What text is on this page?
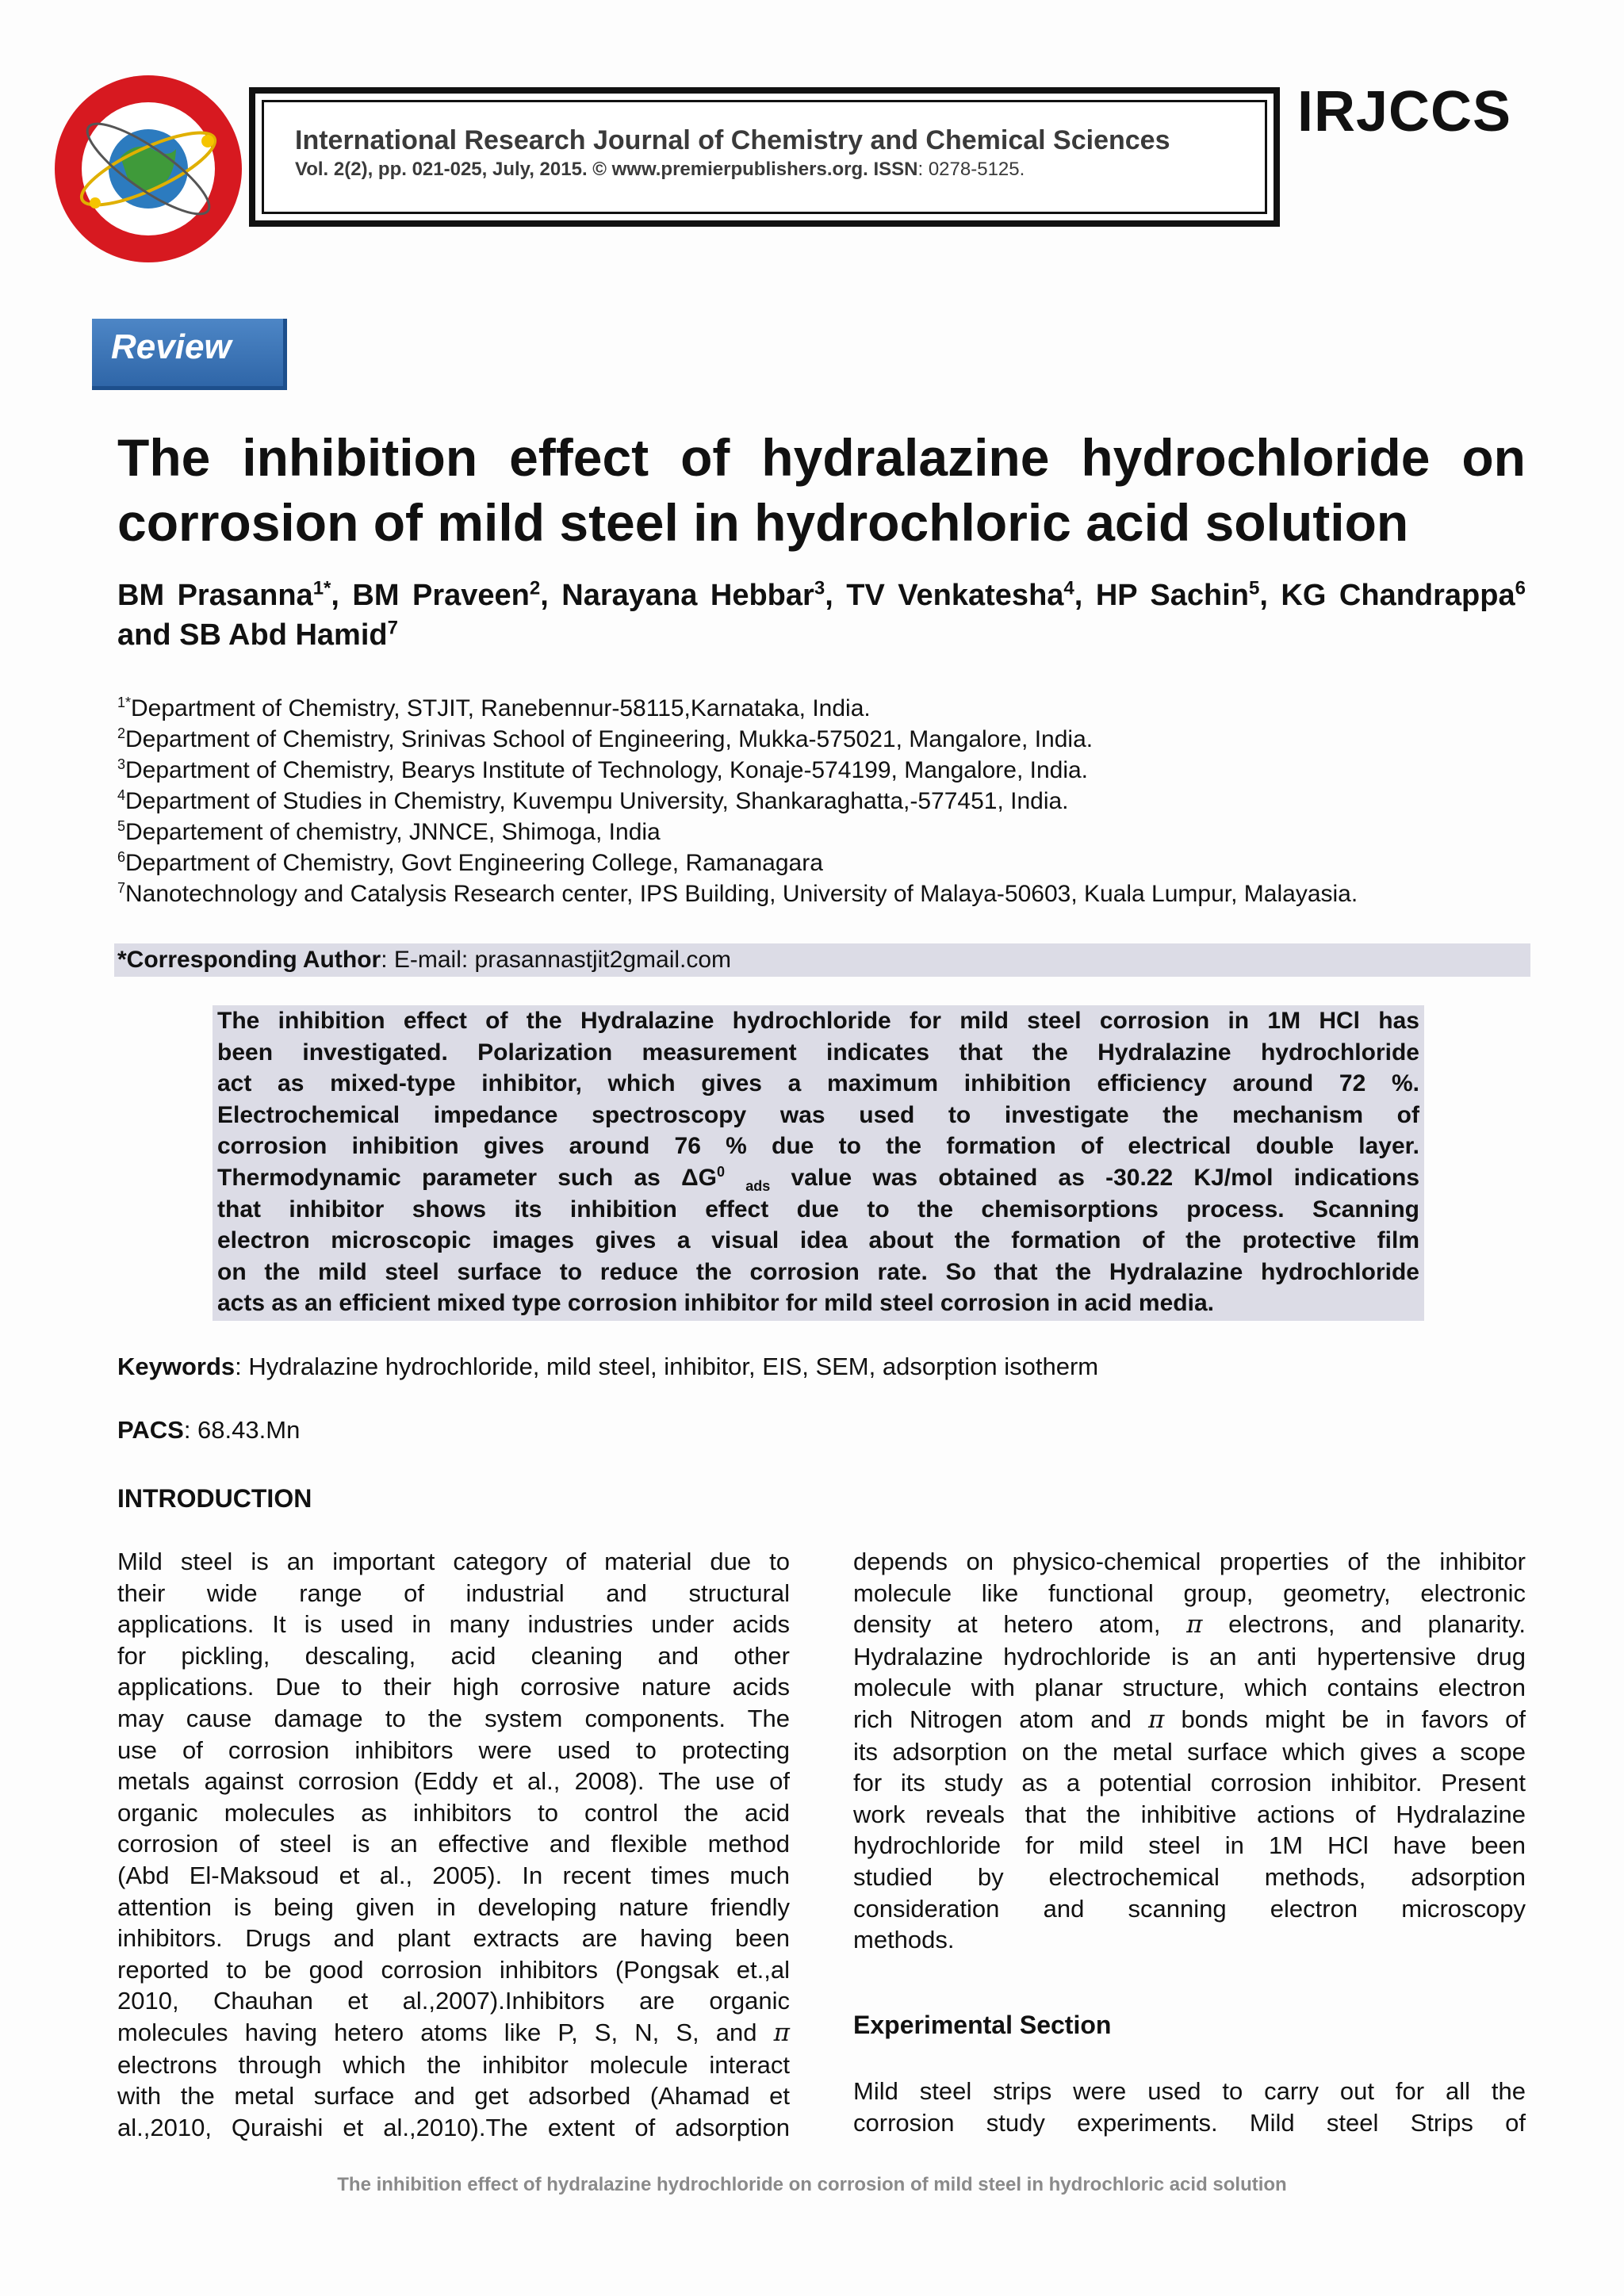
International Research Journal of Chemistry and Chemical Sciences
Vol. 2(2), pp. 021-025, July, 2015. © www.premierpublishers.org. ISSN: 0278-5125.
IRJCCS
Review
The inhibition effect of hydralazine hydrochloride on corrosion of mild steel in hydrochloric acid solution
BM Prasanna$^{1*}$, BM Praveen$^2$, Narayana Hebbar$^3$, TV Venkatesha$^4$, HP Sachin$^5$, KG Chandrappa$^6$ and SB Abd Hamid$^7$
$^{1*}$Department of Chemistry, STJIT, Ranebennur-58115,Karnataka, India.
$^2$Department of Chemistry, Srinivas School of Engineering, Mukka-575021, Mangalore, India.
$^3$Department of Chemistry, Bearys Institute of Technology, Konaje-574199, Mangalore, India.
$^4$Department of Studies in Chemistry, Kuvempu University, Shankaraghatta,-577451, India.
$^5$Departement of chemistry, JNNCE, Shimoga, India
$^6$Department of Chemistry, Govt Engineering College, Ramanagara
$^7$Nanotechnology and Catalysis Research center, IPS Building, University of Malaya-50603, Kuala Lumpur, Malayasia.
*Corresponding Author: E-mail: prasannastjit2gmail.com
The inhibition effect of the Hydralazine hydrochloride for mild steel corrosion in 1M HCl has
been investigated. Polarization measurement indicates that the Hydralazine hydrochloride
act as mixed-type inhibitor, which gives a maximum inhibition efficiency around 72 %.
Electrochemical impedance spectroscopy was used to investigate the mechanism of
corrosion inhibition gives around 76 % due to the formation of electrical double layer.
Thermodynamic parameter such as $\Delta G^0$ $_{ads}$ value was obtained as -30.22 KJ/mol indications
that inhibitor shows its inhibition effect due to the chemisorptions process. Scanning
electron microscopic images gives a visual idea about the formation of the protective film
on the mild steel surface to reduce the corrosion rate. So that the Hydralazine hydrochloride
acts as an efficient mixed type corrosion inhibitor for mild steel corrosion in acid media.
Keywords: Hydralazine hydrochloride, mild steel, inhibitor, EIS, SEM, adsorption isotherm
PACS: 68.43.Mn
INTRODUCTION
Mild steel is an important category of material due to
their wide range of industrial and structural
applications. It is used in many industries under acids
for pickling, descaling, acid cleaning and other
applications. Due to their high corrosive nature acids
may cause damage to the system components. The
use of corrosion inhibitors were used to protecting
metals against corrosion (Eddy et al., 2008). The use of
organic molecules as inhibitors to control the acid
corrosion of steel is an effective and flexible method
(Abd El-Maksoud et al., 2005). In recent times much
attention is being given in developing nature friendly
inhibitors. Drugs and plant extracts are having been
reported to be good corrosion inhibitors (Pongsak et.,al
2010, Chauhan et al.,2007).Inhibitors are organic
molecules having hetero atoms like P, S, N, S, and π
electrons through which the inhibitor molecule interact
with the metal surface and get adsorbed (Ahamad et
al.,2010, Quraishi et al.,2010).The extent of adsorption
depends on physico-chemical properties of the inhibitor
molecule like functional group, geometry, electronic
density at hetero atom, π electrons, and planarity.
Hydralazine hydrochloride is an anti hypertensive drug
molecule with planar structure, which contains electron
rich Nitrogen atom and π bonds might be in favors of
its adsorption on the metal surface which gives a scope
for its study as a potential corrosion inhibitor. Present
work reveals that the inhibitive actions of Hydralazine
hydrochloride for mild steel in 1M HCl have been
studied by electrochemical methods, adsorption
consideration and scanning electron microscopy
methods.
Experimental Section
Mild steel strips were used to carry out for all the
corrosion study experiments. Mild steel Strips of
The inhibition effect of hydralazine hydrochloride on corrosion of mild steel in hydrochloric acid solution
